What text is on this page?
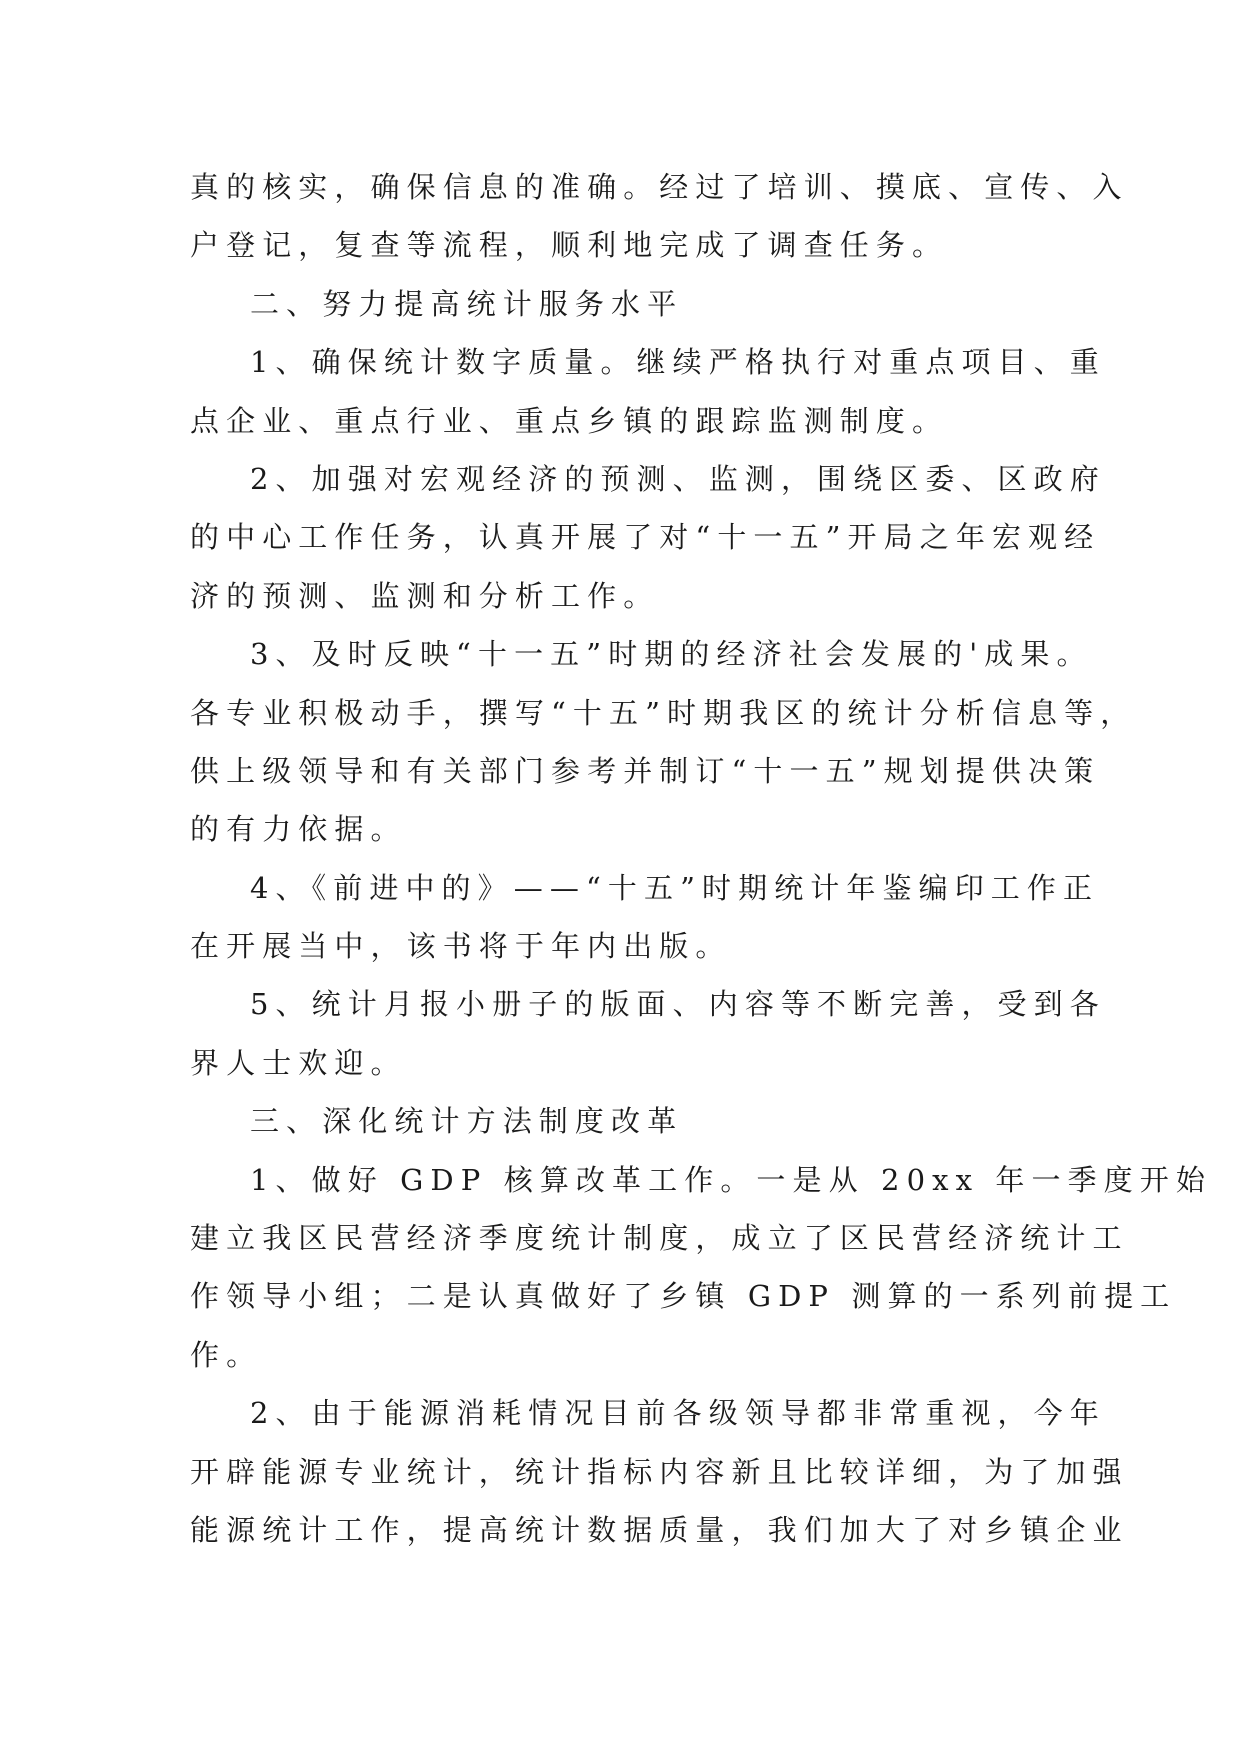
真的核实，确保信息的准确。经过了培训、摸底、宣传、入
户登记，复查等流程，顺利地完成了调查任务。
二、努力提高统计服务水平
1、确保统计数字质量。继续严格执行对重点项目、重
点企业、重点行业、重点乡镇的跟踪监测制度。
2、加强对宏观经济的预测、监测，围绕区委、区政府
的中心工作任务，认真开展了对“十一五”开局之年宏观经
济的预测、监测和分析工作。
3、及时反映“十一五”时期的经济社会发展的'成果。
各专业积极动手，撰写“十五”时期我区的统计分析信息等，
供上级领导和有关部门参考并制订“十一五”规划提供决策
的有力依据。
4、《前进中的》——“十五”时期统计年鉴编印工作正
在开展当中，该书将于年内出版。
5、统计月报小册子的版面、内容等不断完善，受到各
界人士欢迎。
三、深化统计方法制度改革
1、做好 GDP 核算改革工作。一是从 20xx 年一季度开始
建立我区民营经济季度统计制度，成立了区民营经济统计工
作领导小组；二是认真做好了乡镇 GDP 测算的一系列前提工
作。
2、由于能源消耗情况目前各级领导都非常重视，今年
开辟能源专业统计，统计指标内容新且比较详细，为了加强
能源统计工作，提高统计数据质量，我们加大了对乡镇企业
